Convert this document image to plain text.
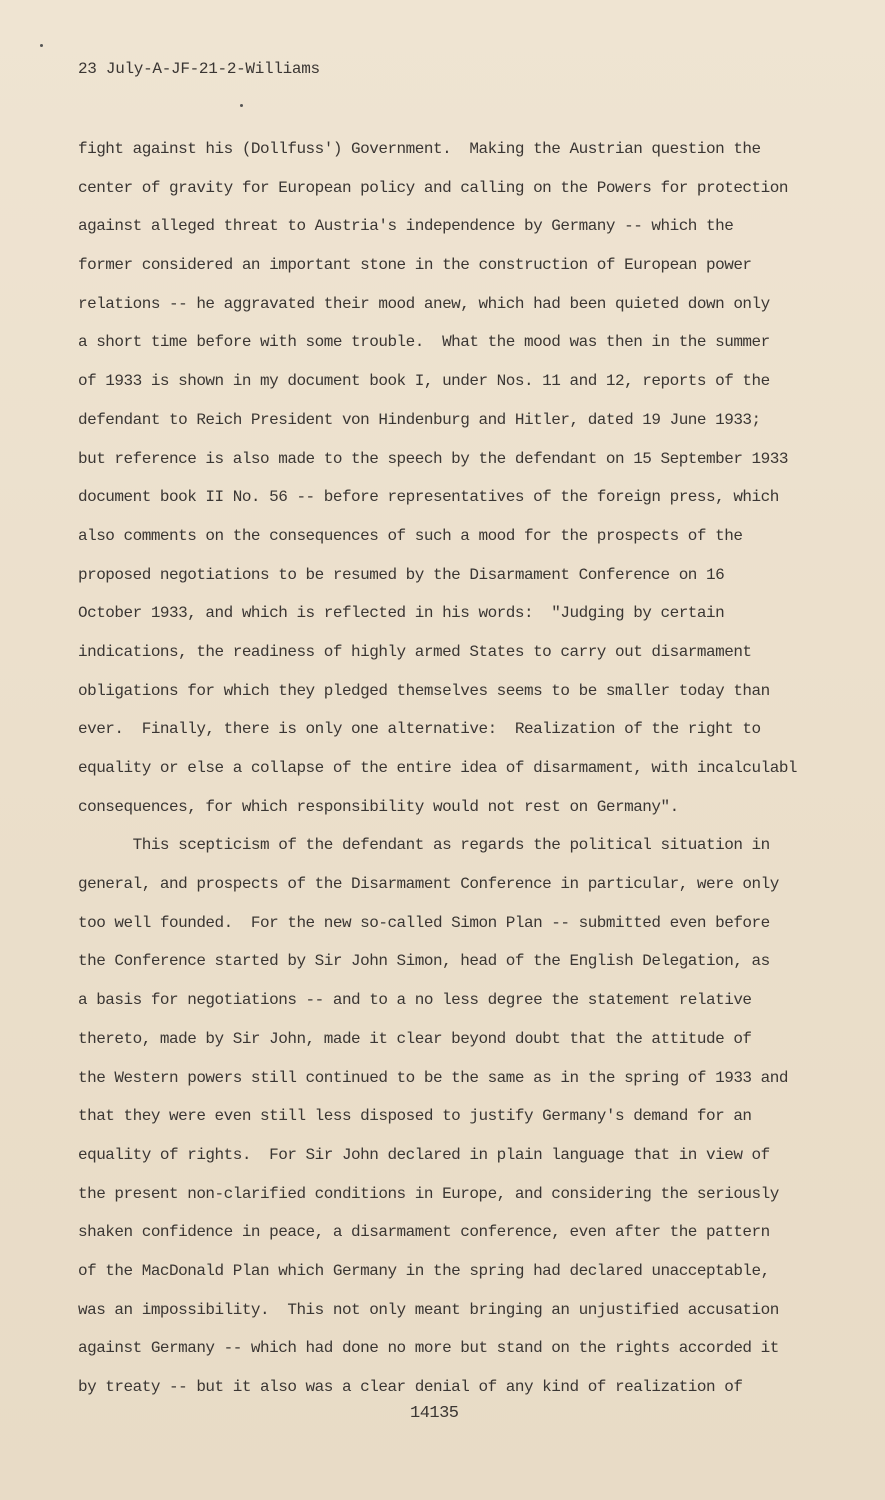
23 July-A-JF-21-2-Williams
fight against his (Dollfuss') Government.  Making the Austrian question the
center of gravity for European policy and calling on the Powers for protection
against alleged threat to Austria's independence by Germany -- which the
former considered an important stone in the construction of European power
relations -- he aggravated their mood anew, which had been quieted down only
a short time before with some trouble.  What the mood was then in the summer
of 1933 is shown in my document book I, under Nos. 11 and 12, reports of the
defendant to Reich President von Hindenburg and Hitler, dated 19 June 1933;
but reference is also made to the speech by the defendant on 15 September 1933
document book II No. 56 -- before representatives of the foreign press, which
also comments on the consequences of such a mood for the prospects of the
proposed negotiations to be resumed by the Disarmament Conference on 16
October 1933, and which is reflected in his words:  "Judging by certain
indications, the readiness of highly armed States to carry out disarmament
obligations for which they pledged themselves seems to be smaller today than
ever.  Finally, there is only one alternative:  Realization of the right to
equality or else a collapse of the entire idea of disarmament, with incalculabl
consequences, for which responsibility would not rest on Germany".
This scepticism of the defendant as regards the political situation in
general, and prospects of the Disarmament Conference in particular, were only
too well founded.  For the new so-called Simon Plan -- submitted even before
the Conference started by Sir John Simon, head of the English Delegation, as
a basis for negotiations -- and to a no less degree the statement relative
thereto, made by Sir John, made it clear beyond doubt that the attitude of
the Western powers still continued to be the same as in the spring of 1933 and
that they were even still less disposed to justify Germany's demand for an
equality of rights.  For Sir John declared in plain language that in view of
the present non-clarified conditions in Europe, and considering the seriously
shaken confidence in peace, a disarmament conference, even after the pattern
of the MacDonald Plan which Germany in the spring had declared unacceptable,
was an impossibility.  This not only meant bringing an unjustified accusation
against Germany -- which had done no more but stand on the rights accorded it
by treaty -- but it also was a clear denial of any kind of realization of
14135
